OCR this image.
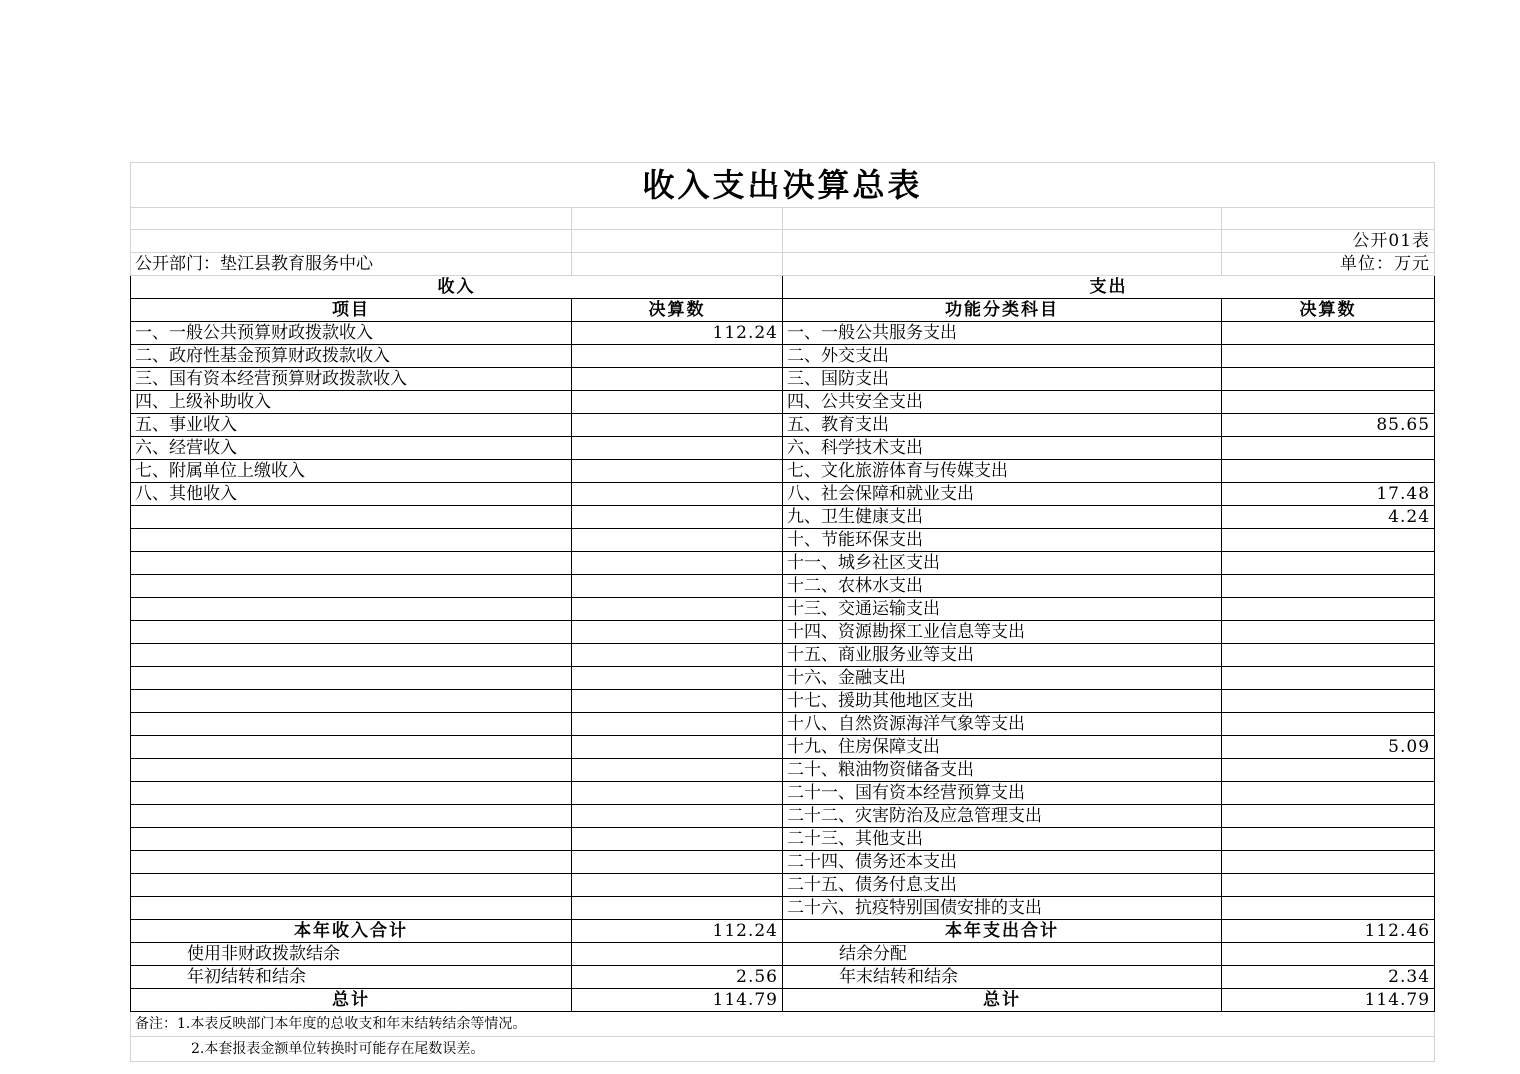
收入支出决算总表			

			公开01表
公开部门：垫江县教育服务中心			单位：万元
收入		支出	
项目	决算数	功能分类科目	决算数
一、一般公共预算财政拨款收入	112.24	一、一般公共服务支出	
二、政府性基金预算财政拨款收入		二、外交支出	
三、国有资本经营预算财政拨款收入		三、国防支出	
四、上级补助收入		四、公共安全支出	
五、事业收入		五、教育支出	85.65
六、经营收入		六、科学技术支出	
七、附属单位上缴收入		七、文化旅游体育与传媒支出	
八、其他收入		八、社会保障和就业支出	17.48
		九、卫生健康支出	4.24
		十、节能环保支出	
		十一、城乡社区支出	
		十二、农林水支出	
		十三、交通运输支出	
		十四、资源勘探工业信息等支出	
		十五、商业服务业等支出	
		十六、金融支出	
		十七、援助其他地区支出	
		十八、自然资源海洋气象等支出	
		十九、住房保障支出	5.09
		二十、粮油物资储备支出	
		二十一、国有资本经营预算支出	
		二十二、灾害防治及应急管理支出	
		二十三、其他支出	
		二十四、债务还本支出	
		二十五、债务付息支出	
		二十六、抗疫特别国债安排的支出	
本年收入合计	112.24	本年支出合计	112.46
使用非财政拨款结余		结余分配	
年初结转和结余	2.56	年末结转和结余	2.34
总计	114.79	总计	114.79
备注：1.本表反映部门本年度的总收支和年末结转结余等情况。			
2.本套报表金额单位转换时可能存在尾数误差。			
